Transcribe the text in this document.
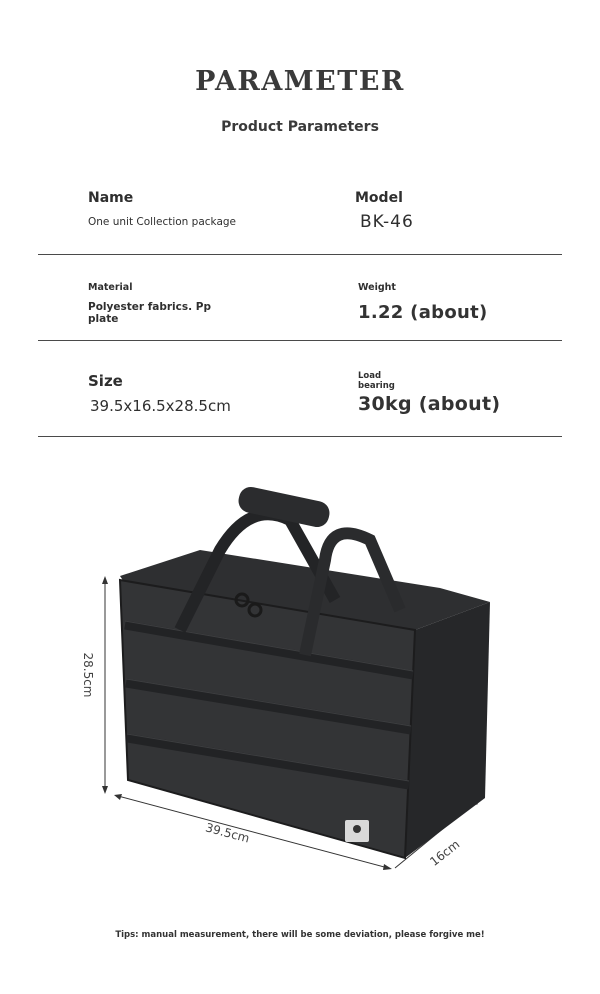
PARAMETER
Product Parameters
Name
One unit Collection package
Model
BK-46
Material
Polyester fabrics. Pp
plate
Weight
1.22 (about)
Size
39.5x16.5x28.5cm
Load
bearing
30kg (about)
28.5cm
39.5cm
16cm
Tips: manual measurement, there will be some deviation, please forgive me!
